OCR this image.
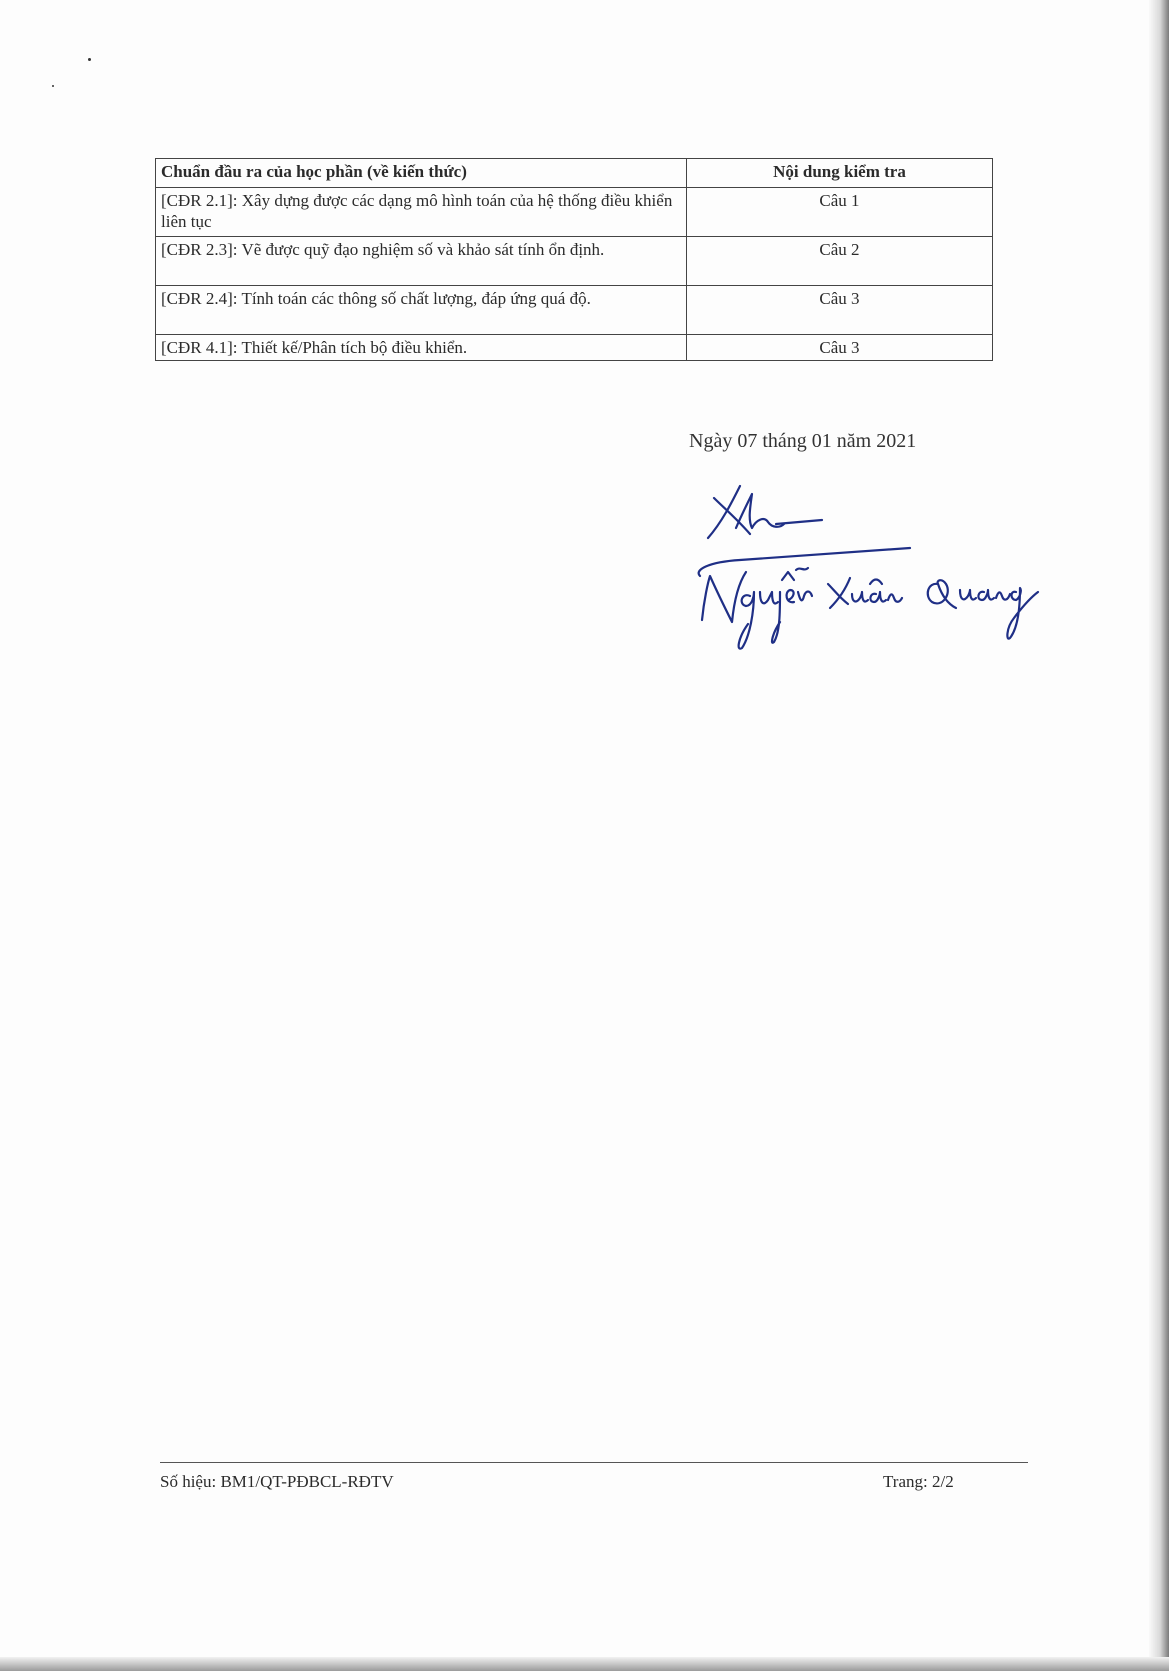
Chuẩn đầu ra của học phần (về kiến thức)	Nội dung kiểm tra
[CĐR 2.1]: Xây dựng được các dạng mô hình toán của hệ thống điều khiển liên tục	Câu 1
[CĐR 2.3]: Vẽ được quỹ đạo nghiệm số và khảo sát tính ổn định.	Câu 2
[CĐR 2.4]: Tính toán các thông số chất lượng, đáp ứng quá độ.	Câu 3
[CĐR 4.1]: Thiết kế/Phân tích bộ điều khiển.	Câu 3
Ngày 07 tháng 01 năm 2021
Nguyễn Xuân Quang
Số hiệu: BM1/QT-PĐBCL-RĐTV	Trang: 2/2
